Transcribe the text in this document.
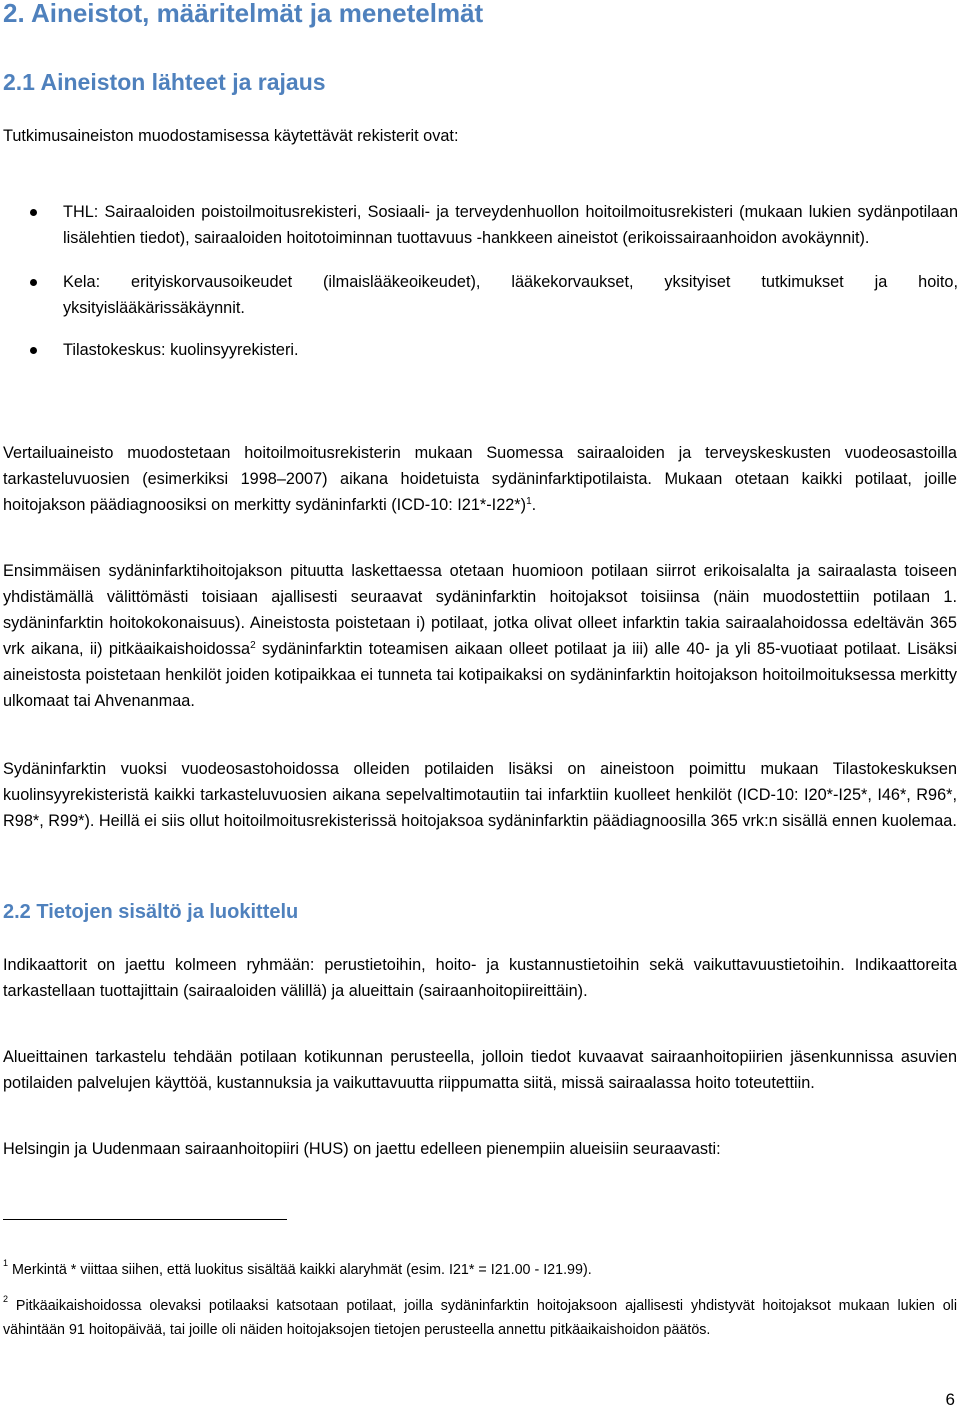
2. Aineistot, määritelmät ja menetelmät
2.1 Aineiston lähteet ja rajaus

Tutkimusaineiston muodostamisessa käytettävät rekisterit ovat:

THL: Sairaaloiden poistoilmoitusrekisteri, Sosiaali- ja terveydenhuollon hoitoilmoitusrekisteri (mukaan lukien sydänpotilaan lisälehtien tiedot), sairaaloiden hoitotoiminnan tuottavuus -hankkeen aineistot (erikoissairaanhoidon avokäynnit).
Kela: erityiskorvausoikeudet (ilmaislääkeoikeudet), lääkekorvaukset, yksityiset tutkimukset ja hoito, yksityislääkärissäkäynnit.
Tilastokeskus: kuolinsyyrekisteri.

Vertailuaineisto muodostetaan hoitoilmoitusrekisterin mukaan Suomessa sairaaloiden ja terveyskeskusten vuodeosastoilla tarkasteluvuosien (esimerkiksi 1998–2007) aikana hoidetuista sydäninfarktipotilaista. Mukaan otetaan kaikki potilaat, joille hoitojakson päädiagnoosiksi on merkitty sydäninfarkti (ICD-10: I21*-I22*)$^1$.

Ensimmäisen sydäninfarktihoitojakson pituutta laskettaessa otetaan huomioon potilaan siirrot erikoisalalta ja sairaalasta toiseen yhdistämällä välittömästi toisiaan ajallisesti seuraavat sydäninfarktin hoitojaksot toisiinsa (näin muodostettiin potilaan 1. sydäninfarktin hoitokokonaisuus). Aineistosta poistetaan i) potilaat, jotka olivat olleet infarktin takia sairaalahoidossa edeltävän 365 vrk aikana, ii) pitkäaikaishoidossa$^2$ sydäninfarktin toteamisen aikaan olleet potilaat ja iii) alle 40- ja yli 85-vuotiaat potilaat. Lisäksi aineistosta poistetaan henkilöt joiden kotipaikkaa ei tunneta tai kotipaikaksi on sydäninfarktin hoitojakson hoitoilmoituksessa merkitty ulkomaat tai Ahvenanmaa.

Sydäninfarktin vuoksi vuodeosastohoidossa olleiden potilaiden lisäksi on aineistoon poimittu mukaan Tilastokeskuksen kuolinsyyrekisteristä kaikki tarkasteluvuosien aikana sepelvaltimotautiin tai infarktiin kuolleet henkilöt (ICD-10: I20*-I25*, I46*, R96*, R98*, R99*). Heillä ei siis ollut hoitoilmoitusrekisterissä hoitojaksoa sydäninfarktin päädiagnoosilla 365 vrk:n sisällä ennen kuolemaa.

2.2 Tietojen sisältö ja luokittelu

Indikaattorit on jaettu kolmeen ryhmään: perustietoihin, hoito- ja kustannustietoihin sekä vaikuttavuustietoihin. Indikaattoreita tarkastellaan tuottajittain (sairaaloiden välillä) ja alueittain (sairaanhoitopiireittäin).

Alueittainen tarkastelu tehdään potilaan kotikunnan perusteella, jolloin tiedot kuvaavat sairaanhoitopiirien jäsenkunnissa asuvien potilaiden palvelujen käyttöä, kustannuksia ja vaikuttavuutta riippumatta siitä, missä sairaalassa hoito toteutettiin.

Helsingin ja Uudenmaan sairaanhoitopiiri (HUS) on jaettu edelleen pienempiin alueisiin seuraavasti:

$^1$ Merkintä * viittaa siihen, että luokitus sisältää kaikki alaryhmät (esim. I21* = I21.00 - I21.99).

$^2$ Pitkäaikaishoidossa olevaksi potilaaksi katsotaan potilaat, joilla sydäninfarktin hoitojaksoon ajallisesti yhdistyvät hoitojaksot mukaan lukien oli vähintään 91 hoitopäivää, tai joille oli näiden hoitojaksojen tietojen perusteella annettu pitkäaikaishoidon päätös.

6
